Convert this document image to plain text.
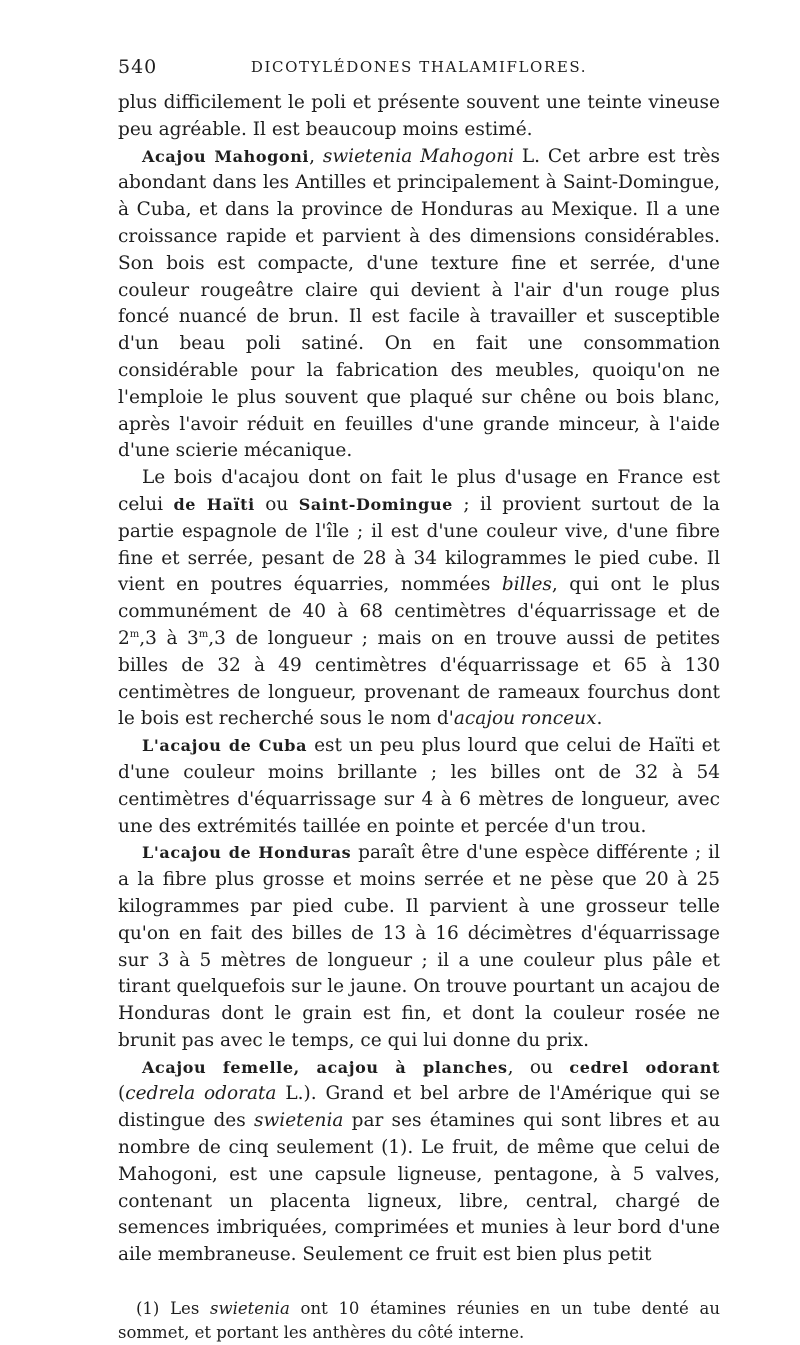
540	DICOTYLÉDONES THALAMIFLORES.

plus difficilement le poli et présente souvent une teinte vineuse peu agréable. Il est beaucoup moins estimé.

Acajou Mahogoni, swietenia Mahogoni L. Cet arbre est très abondant dans les Antilles et principalement à Saint-Domingue, à Cuba, et dans la province de Honduras au Mexique. Il a une croissance rapide et parvient à des dimensions considérables. Son bois est compacte, d'une texture fine et serrée, d'une couleur rougeâtre claire qui devient à l'air d'un rouge plus foncé nuancé de brun. Il est facile à travailler et susceptible d'un beau poli satiné. On en fait une consommation considérable pour la fabrication des meubles, quoiqu'on ne l'emploie le plus souvent que plaqué sur chêne ou bois blanc, après l'avoir réduit en feuilles d'une grande minceur, à l'aide d'une scierie mécanique.

Le bois d'acajou dont on fait le plus d'usage en France est celui de Haïti ou Saint-Domingue ; il provient surtout de la partie espagnole de l'île ; il est d'une couleur vive, d'une fibre fine et serrée, pesant de 28 à 34 kilogrammes le pied cube. Il vient en poutres équarries, nommées billes, qui ont le plus communément de 40 à 68 centimètres d'équarrissage et de 2$^m$,3 à 3$^m$,3 de longueur ; mais on en trouve aussi de petites billes de 32 à 49 centimètres d'équarrissage et 65 à 130 centimètres de longueur, provenant de rameaux fourchus dont le bois est recherché sous le nom d'acajou ronceux.

L'acajou de Cuba est un peu plus lourd que celui de Haïti et d'une couleur moins brillante ; les billes ont de 32 à 54 centimètres d'équarrissage sur 4 à 6 mètres de longueur, avec une des extrémités taillée en pointe et percée d'un trou.

L'acajou de Honduras paraît être d'une espèce différente ; il a la fibre plus grosse et moins serrée et ne pèse que 20 à 25 kilogrammes par pied cube. Il parvient à une grosseur telle qu'on en fait des billes de 13 à 16 décimètres d'équarrissage sur 3 à 5 mètres de longueur ; il a une couleur plus pâle et tirant quelquefois sur le jaune. On trouve pourtant un acajou de Honduras dont le grain est fin, et dont la couleur rosée ne brunit pas avec le temps, ce qui lui donne du prix.

Acajou femelle, acajou à planches, ou cedrel odorant (cedrela odorata L.). Grand et bel arbre de l'Amérique qui se distingue des swietenia par ses étamines qui sont libres et au nombre de cinq seulement (1). Le fruit, de même que celui de Mahogoni, est une capsule ligneuse, pentagone, à 5 valves, contenant un placenta ligneux, libre, central, chargé de semences imbriquées, comprimées et munies à leur bord d'une aile membraneuse. Seulement ce fruit est bien plus petit

(1) Les swietenia ont 10 étamines réunies en un tube denté au sommet, et portant les anthères du côté interne.
